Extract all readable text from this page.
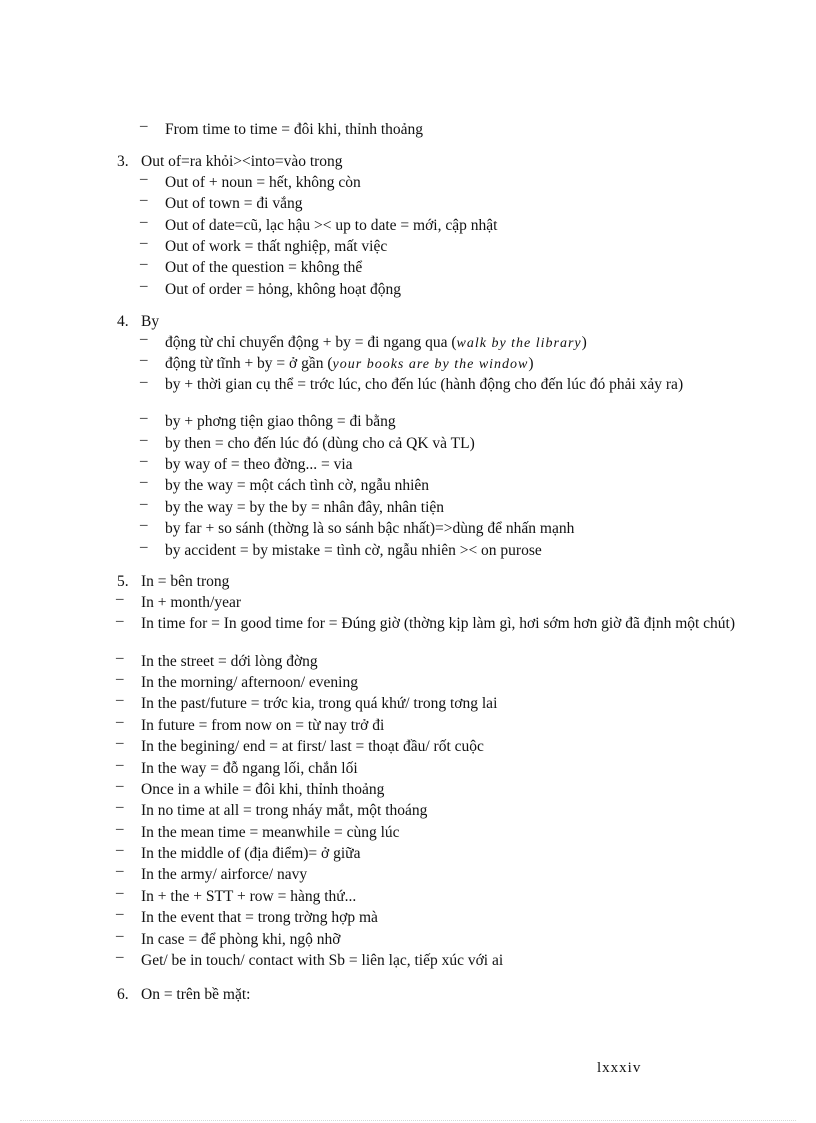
– From time to time = đôi khi, thỉnh thoảng
3. Out of=ra khỏi><into=vào trong
– Out of + noun = hết, không còn
– Out of town = đi vắng
– Out of date=cũ, lạc hậu >< up to date = mới, cập nhật
– Out of work = thất nghiệp, mất việc
– Out of the question = không thể
– Out of order = hỏng, không hoạt động
4. By
– động từ chỉ chuyển động + by = đi ngang qua (walk by the library)
– động từ tĩnh + by = ở gần (your books are by the window)
– by + thời gian cụ thể = trớc lúc, cho đến lúc (hành động cho đến lúc đó phải xảy ra)
– by + phơng tiện giao thông = đi bằng
– by then = cho đến lúc đó (dùng cho cả QK và TL)
– by way of = theo đờng... = via
– by the way = một cách tình cờ, ngẫu nhiên
– by the way = by the by = nhân đây, nhân tiện
– by far + so sánh (thờng là so sánh bậc nhất)=>dùng để nhấn mạnh
– by accident = by mistake = tình cờ, ngẫu nhiên >< on purose
5. In = bên trong
– In + month/year
– In time for = In good time for = Đúng giờ (thờng kịp làm gì, hơi sớm hơn giờ đã định một chút)
– In the street = dới lòng đờng
– In the morning/ afternoon/ evening
– In the past/future = trớc kia, trong quá khứ/ trong tơng lai
– In future = from now on = từ nay trở đi
– In the begining/ end = at first/ last = thoạt đầu/ rốt cuộc
– In the way = đỗ ngang lối, chắn lối
– Once in a while = đôi khi, thỉnh thoảng
– In no time at all = trong nháy mắt, một thoáng
– In the mean time = meanwhile = cùng lúc
– In the middle of (địa điểm)= ở giữa
– In the army/ airforce/ navy
– In + the + STT + row = hàng thứ...
– In the event that = trong trờng hợp mà
– In case = để phòng khi, ngộ nhỡ
– Get/ be in touch/ contact with Sb = liên lạc, tiếp xúc với ai
6. On = trên bề mặt:
lxxxiv
